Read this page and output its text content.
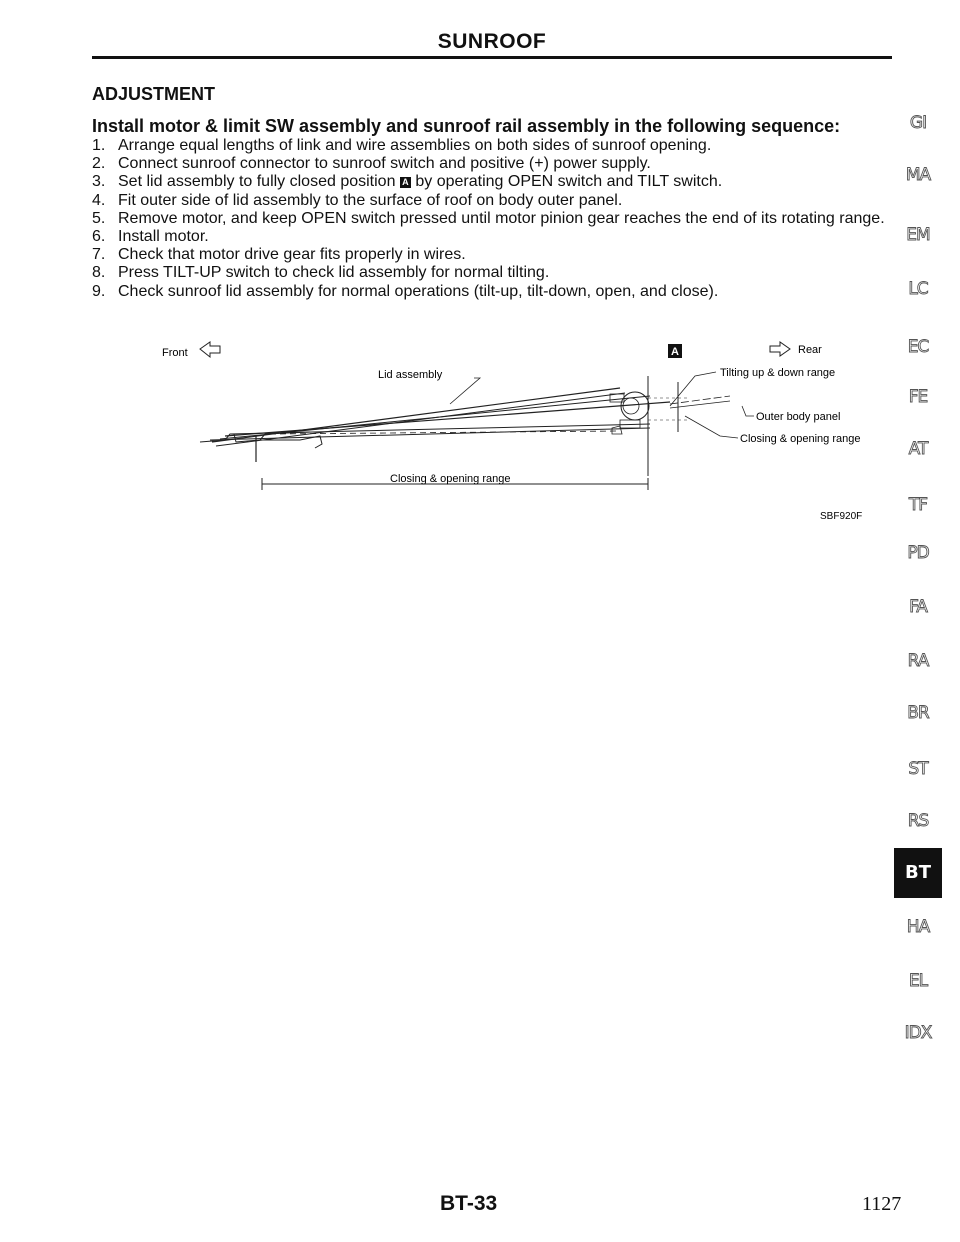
SUNROOF
ADJUSTMENT
Install motor & limit SW assembly and sunroof rail assembly in the following sequence:
1. Arrange equal lengths of link and wire assemblies on both sides of sunroof opening.
2. Connect sunroof connector to sunroof switch and positive (+) power supply.
3. Set lid assembly to fully closed position A by operating OPEN switch and TILT switch.
4. Fit outer side of lid assembly to the surface of roof on body outer panel.
5. Remove motor, and keep OPEN switch pressed until motor pinion gear reaches the end of its rotating range.
6. Install motor.
7. Check that motor drive gear fits properly in wires.
8. Press TILT-UP switch to check lid assembly for normal tilting.
9. Check sunroof lid assembly for normal operations (tilt-up, tilt-down, open, and close).
Front	A	Rear
Lid assembly	Tilting up & down range
Outer body panel
Closing & opening range
Closing & opening range
SBF920F
GI
MA
EM
LC
EC
FE
AT
TF
PD
FA
RA
BR
ST
RS
BT
HA
EL
IDX
BT-33	1127
